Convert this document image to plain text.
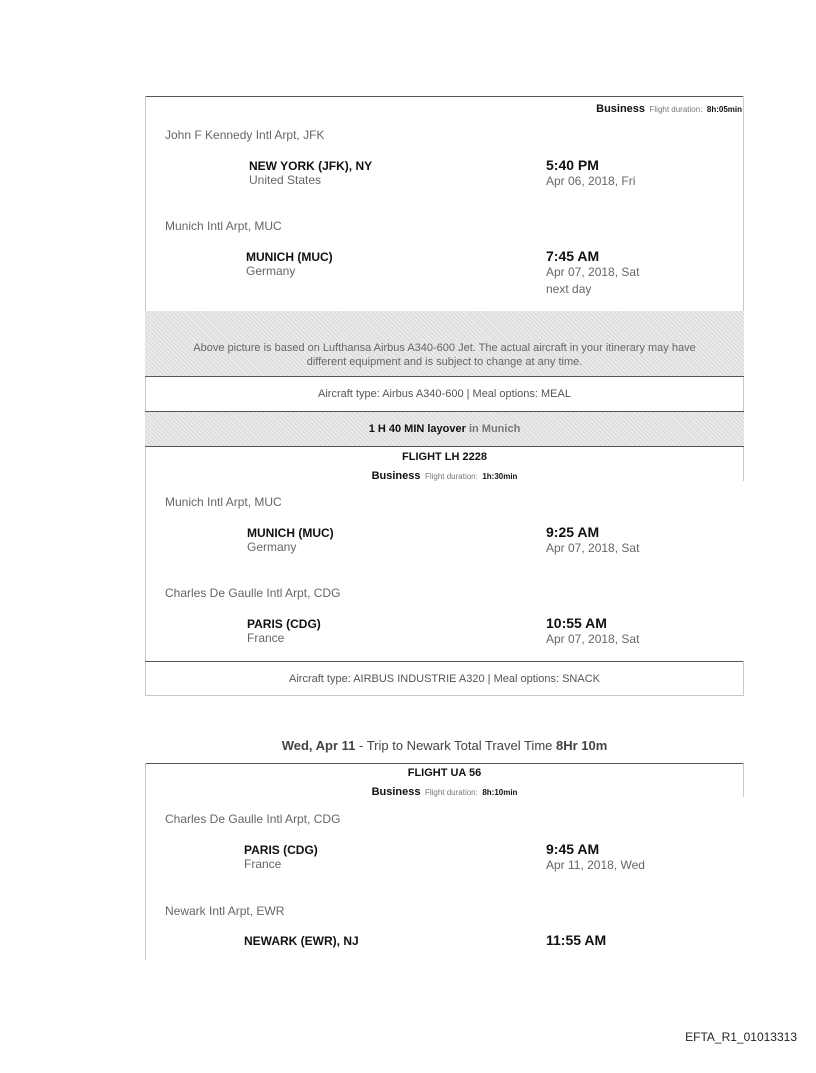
Business Flight duration: 8h:05min
John F Kennedy Intl Arpt, JFK
NEW YORK (JFK), NY
United States
5:40 PM
Apr 06, 2018, Fri
Munich Intl Arpt, MUC
MUNICH (MUC)
Germany
7:45 AM
Apr 07, 2018, Sat
next day
Above picture is based on Lufthansa Airbus A340-600 Jet. The actual aircraft in your itinerary may have
different equipment and is subject to change at any time.
Aircraft type: Airbus A340-600 | Meal options: MEAL
1 H 40 MIN layover in Munich
FLIGHT LH 2228
Business Flight duration: 1h:30min
Munich Intl Arpt, MUC
MUNICH (MUC)
Germany
9:25 AM
Apr 07, 2018, Sat
Charles De Gaulle Intl Arpt, CDG
PARIS (CDG)
France
10:55 AM
Apr 07, 2018, Sat
Aircraft type: AIRBUS INDUSTRIE A320 | Meal options: SNACK
Wed, Apr 11 - Trip to Newark Total Travel Time 8Hr 10m
FLIGHT UA 56
Business Flight duration: 8h:10min
Charles De Gaulle Intl Arpt, CDG
PARIS (CDG)
France
9:45 AM
Apr 11, 2018, Wed
Newark Intl Arpt, EWR
NEWARK (EWR), NJ	11:55 AM
EFTA_R1_01013313
